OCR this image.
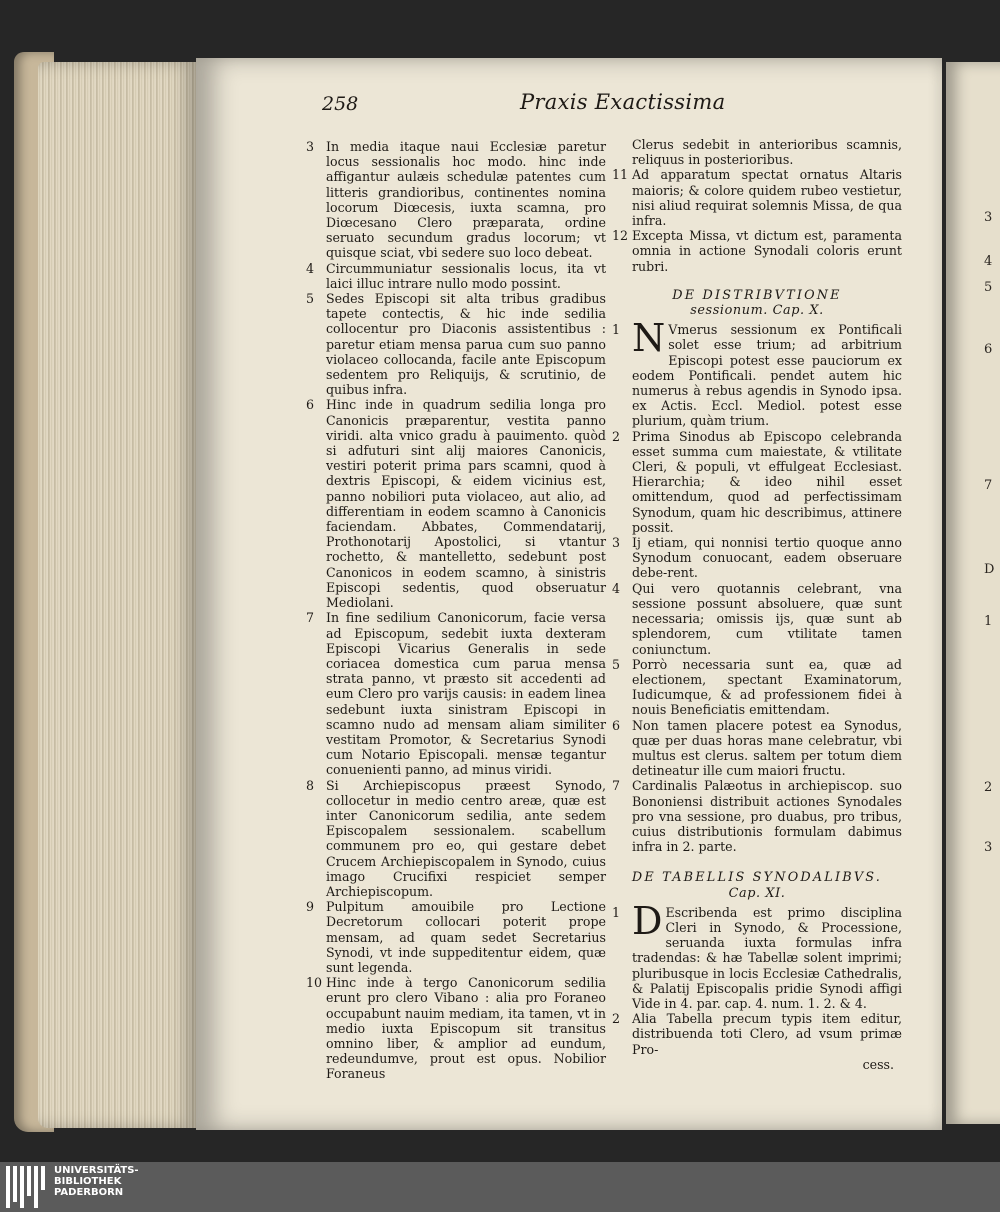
3
4
5
6
7
D
1
2
3
258	Praxis Exactissima

3 In media itaque naui Ecclesiæ paretur locus sessionalis hoc modo. hinc inde affigantur aulæis schedulæ patentes cum litteris grandioribus, continentes nomina locorum Diœcesis, iuxta scamna, pro Diœcesano Clero præparata, ordine seruato secundum gradus locorum; vt quisque sciat, vbi sedere suo loco debeat.

4 Circummuniatur sessionalis locus, ita vt laici illuc intrare nullo modo possint.

5 Sedes Episcopi sit alta tribus gradibus tapete contectis, & hic inde sedilia collocentur pro Diaconis assistentibus : paretur etiam mensa parua cum suo panno violaceo collocanda, facile ante Episcopum sedentem pro Reliquijs, & scrutinio, de quibus infra.

6 Hinc inde in quadrum sedilia longa pro Canonicis præparentur, vestita panno viridi. alta vnico gradu à pauimento. quòd si adfuturi sint alij maiores Canonicis, vestiri poterit prima pars scamni, quod à dextris Episcopi, & eidem vicinius est, panno nobiliori puta violaceo, aut alio, ad differentiam in eodem scamno à Canonicis faciendam. Abbates, Commendatarij, Prothonotarij Apostolici, si vtantur rochetto, & mantelletto, sedebunt post Canonicos in eodem scamno, à sinistris Episcopi sedentis, quod obseruatur Mediolani.

7 In fine sedilium Canonicorum, facie versa ad Episcopum, sedebit iuxta dexteram Episcopi Vicarius Generalis in sede coriacea domestica cum parua mensa strata panno, vt præsto sit accedenti ad eum Clero pro varijs causis: in eadem linea sedebunt iuxta sinistram Episcopi in scamno nudo ad mensam aliam similiter vestitam Promotor, & Secretarius Synodi cum Notario Episcopali. mensæ tegantur conuenienti panno, ad minus viridi.

8 Si Archiepiscopus præest Synodo, collocetur in medio centro areæ, quæ est inter Canonicorum sedilia, ante sedem Episcopalem sessionalem. scabellum communem pro eo, qui gestare debet Crucem Archiepiscopalem in Synodo, cuius imago Crucifixi respiciet semper Archiepiscopum.

9 Pulpitum amouibile pro Lectione Decretorum collocari poterit prope mensam, ad quam sedet Secretarius Synodi, vt inde suppeditentur eidem, quæ sunt legenda.

10 Hinc inde à tergo Canonicorum sedilia erunt pro clero Vibano : alia pro Foraneo occupabunt nauim mediam, ita tamen, vt in medio iuxta Episcopum sit transitus omnino liber, & amplior ad eundum, redeundumve, prout est opus. Nobilior Foraneus

Clerus sedebit in anterioribus scamnis, reliquus in posterioribus.

11 Ad apparatum spectat ornatus Altaris maioris; & colore quidem rubeo vestietur, nisi aliud requirat solemnis Missa, de qua infra.

12 Excepta Missa, vt dictum est, paramenta omnia in actione Synodali coloris erunt rubri.

DE DISTRIBVTIONE
sessionum. Cap. X.

1 N Vmerus sessionum ex Pontificali solet esse trium; ad arbitrium Episcopi potest esse pauciorum ex eodem Pontificali. pendet autem hic numerus à rebus agendis in Synodo ipsa. ex Actis. Eccl. Mediol. potest esse plurium, quàm trium.

2 Prima Sinodus ab Episcopo celebranda esset summa cum maiestate, & vtilitate Cleri, & populi, vt effulgeat Ecclesiast. Hierarchia; & ideo nihil esset omittendum, quod ad perfectissimam Synodum, quam hic describimus, attinere possit.

3 Ij etiam, qui nonnisi tertio quoque anno Synodum conuocant, eadem obseruare debe-rent.

4 Qui vero quotannis celebrant, vna sessione possunt absoluere, quæ sunt necessaria; omissis ijs, quæ sunt ab splendorem, cum vtilitate tamen coniunctum.

5 Porrò necessaria sunt ea, quæ ad electionem, spectant Examinatorum, Iudicumque, & ad professionem fidei à nouis Beneficiatis emittendam.

6 Non tamen placere potest ea Synodus, quæ per duas horas mane celebratur, vbi multus est clerus. saltem per totum diem detineatur ille cum maiori fructu.

7 Cardinalis Palæotus in archiepiscop. suo Bononiensi distribuit actiones Synodales pro vna sessione, pro duabus, pro tribus, cuius distributionis formulam dabimus infra in 2. parte.

DE TABELLIS SYNODALIBVS.
Cap. XI.

1 D Escribenda est primo disciplina Cleri in Synodo, & Processione, seruanda iuxta formulas infra tradendas: & hæ Tabellæ solent imprimi; pluribusque in locis Ecclesiæ Cathedralis, & Palatij Episcopalis pridie Synodi affigi Vide in 4. par. cap. 4. num. 1. 2. & 4.

2 Alia Tabella precum typis item editur, distribuenda toti Clero, ad vsum primæ Pro-

cess.
UNIVERSITÄTS-
BIBLIOTHEK
PADERBORN
